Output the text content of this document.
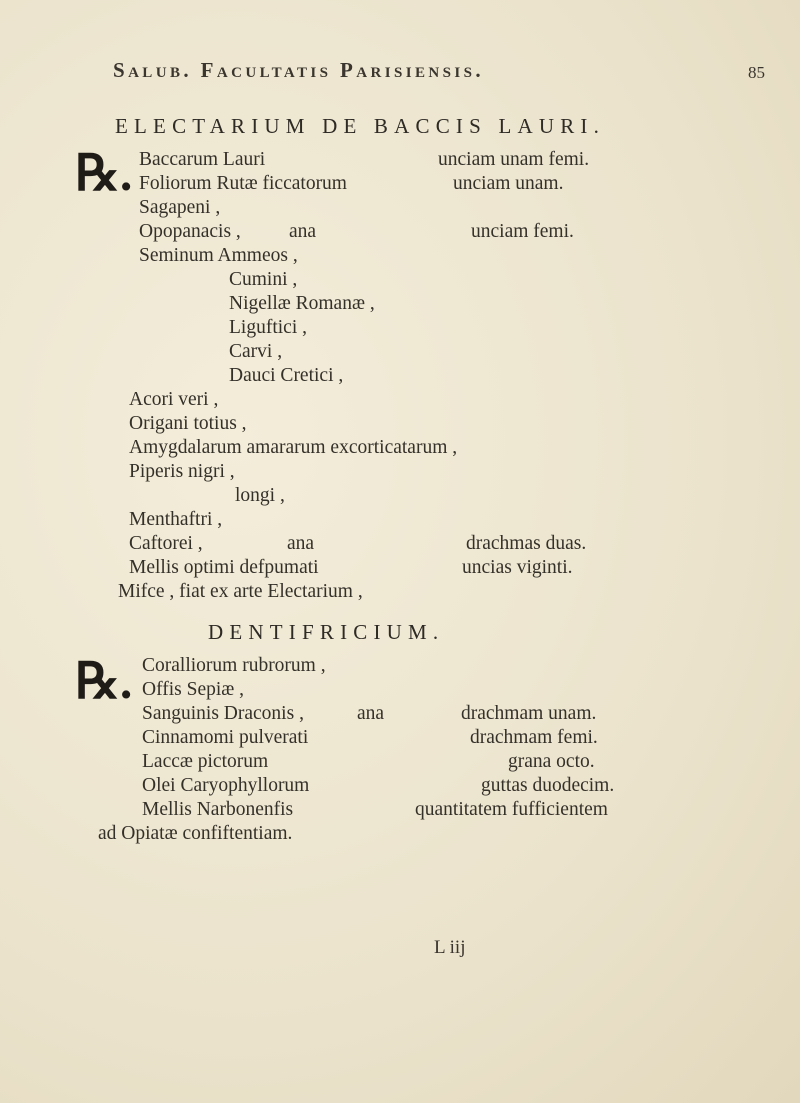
Salub. Facultatis Parisiensis.	85
ELECTARIUM DE BACCIS LAURI.
℞. Baccarum Lauri	unciam unam femi.
Foliorum Rutæ ficcatorum	unciam unam.
Sagapeni ,
Opopanacis , ana	unciam femi.
Seminum Ammeos ,
Cumini ,
Nigellæ Romanæ ,
Liguftici ,
Carvi ,
Dauci Cretici ,
Acori veri ,
Origani totius ,
Amygdalarum amararum excorticatarum ,
Piperis nigri ,
longi ,
Menthaftri ,
Caftorei ,	ana	drachmas duas.
Mellis optimi defpumati	uncias viginti.
Mifce , fiat ex arte Electarium ,
DENTIFRICIUM.
℞. Coralliorum rubrorum ,
Offis Sepiæ ,
Sanguinis Draconis ,	ana	drachmam unam.
Cinnamomi pulverati	drachmam femi.
Laccæ pictorum	grana octo.
Olei Caryophyllorum	guttas duodecim.
Mellis Narbonenfis	quantitatem fufficientem
ad Opiatæ confiftentiam.
L iij
